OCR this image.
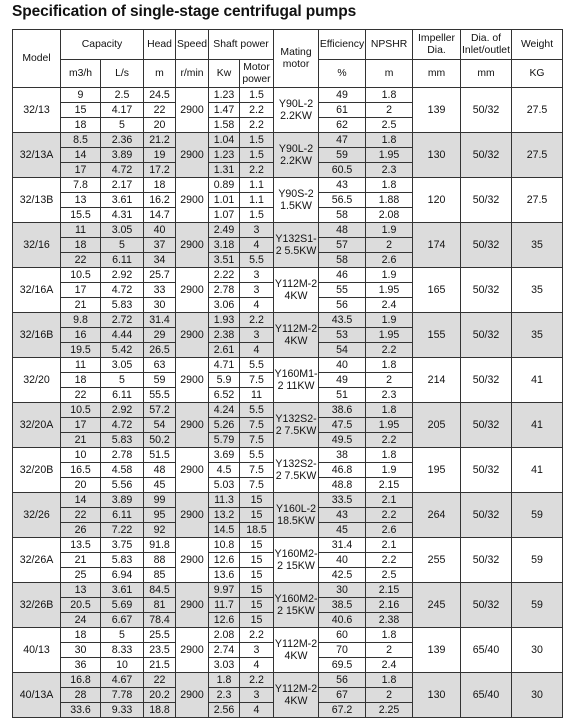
Specification of single-stage centrifugal pumps
Model	Capacity		Head	Speed	Shaft power		Mating motor	Efficiency	NPSHR	Impeller Dia.	Dia. of Inlet/outlet	Weight
	m3/h	L/s	m	r/min	Kw	Motor power		%	m	mm	mm	KG
32/13	9	2.5	24.5	2900	1.23	1.5	Y90L-2 2.2KW	49	1.8	139	50/32	27.5
	15	4.17	22		1.47	2.2		61	2			
	18	5	20		1.58	2.2		62	2.5			
32/13A	8.5	2.36	21.2	2900	1.04	1.5	Y90L-2 2.2KW	47	1.8	130	50/32	27.5
	14	3.89	19		1.23	1.5		59	1.95			
	17	4.72	17.2		1.31	2.2		60.5	2.3			
32/13B	7.8	2.17	18	2900	0.89	1.1	Y90S-2 1.5KW	43	1.8	120	50/32	27.5
	13	3.61	16.2		1.01	1.1		56.5	1.88			
	15.5	4.31	14.7		1.07	1.5		58	2.08			
32/16	11	3.05	40	2900	2.49	3	Y132S1-2 5.5KW	48	1.9	174	50/32	35
	18	5	37		3.18	4		57	2			
	22	6.11	34		3.51	5.5		58	2.6			
32/16A	10.5	2.92	25.7	2900	2.22	3	Y112M-2 4KW	46	1.9	165	50/32	35
	17	4.72	33		2.78	3		55	1.95			
	21	5.83	30		3.06	4		56	2.4			
32/16B	9.8	2.72	31.4	2900	1.93	2.2	Y112M-2 4KW	43.5	1.9	155	50/32	35
	16	4.44	29		2.38	3		53	1.95			
	19.5	5.42	26.5		2.61	4		54	2.2			
32/20	11	3.05	63	2900	4.71	5.5	Y160M1-2 11KW	40	1.8	214	50/32	41
	18	5	59		5.9	7.5		49	2			
	22	6.11	55.5		6.52	11		51	2.3			
32/20A	10.5	2.92	57.2	2900	4.24	5.5	Y132S2-2 7.5KW	38.6	1.8	205	50/32	41
	17	4.72	54		5.26	7.5		47.5	1.95			
	21	5.83	50.2		5.79	7.5		49.5	2.2			
32/20B	10	2.78	51.5	2900	3.69	5.5	Y132S2-2 7.5KW	38	1.8	195	50/32	41
	16.5	4.58	48		4.5	7.5		46.8	1.9			
	20	5.56	45		5.03	7.5		48.8	2.15			
32/26	14	3.89	99	2900	11.3	15	Y160L-2 18.5KW	33.5	2.1	264	50/32	59
	22	6.11	95		13.2	15		43	2.2			
	26	7.22	92		14.5	18.5		45	2.6			
32/26A	13.5	3.75	91.8	2900	10.8	15	Y160M2-2 15KW	31.4	2.1	255	50/32	59
	21	5.83	88		12.6	15		40	2.2			
	25	6.94	85		13.6	15		42.5	2.5			
32/26B	13	3.61	84.5	2900	9.97	15	Y160M2-2 15KW	30	2.15	245	50/32	59
	20.5	5.69	81		11.7	15		38.5	2.16			
	24	6.67	78.4		12.6	15		40.6	2.38			
40/13	18	5	25.5	2900	2.08	2.2	Y112M-2 4KW	60	1.8	139	65/40	30
	30	8.33	23.5		2.74	3		70	2			
	36	10	21.5		3.03	4		69.5	2.4			
40/13A	16.8	4.67	22	2900	1.8	2.2	Y112M-2 4KW	56	1.8	130	65/40	30
	28	7.78	20.2		2.3	3		67	2			
	33.6	9.33	18.8		2.56	4		67.2	2.25			
